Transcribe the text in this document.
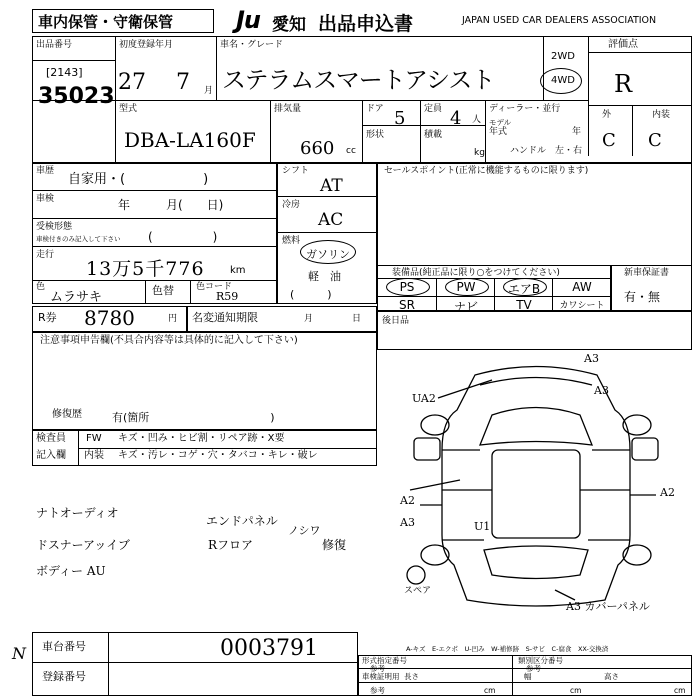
車内保管・守衛保管	Ju 愛知 出品申込書	JAPAN USED CAR DEALERS ASSOCIATION
出品番号
[2143]
35023
初度登録年月
27 7 月
車名・グレード
ステラムスマートアシスト
2WD
4WD
評価点
R
外	内装
C C
型式
DBA-LA160F
排気量
660 cc
ドア 5 定員 4 人
形状	積載
kg
ディーラー・並行
モデル
年式	年
ハンドル　左・右
車歴
自家用・(　　　　　　)
車検	年　　　月(　　日)
受検形態
車検付きのみ記入して下さい (　　　　　)
走行
13万5千776	km
色
ムラサキ	色替 色コード
R59
シフト
AT
冷房
AC
燃料
ガソリン
軽　油
(　　　)
セールスポイント(正常に機能するものに限ります)
装備品(純正品に限り○をつけてください)
PS	PW	エアB	AW
SR	ナビ	TV	カワシート
新車保証書
有・無
R券 8780	円 名変通知期限	月	日
注意事項申告欄(不具合内容等は具体的に記入して下さい)
修復歴	有(箇所　　　　　　　　　　　)
後日品
検査員
記入欄
FW キズ・凹み・ヒビ割・リペア跡・X要
内装 キズ・汚レ・コゲ・穴・タバコ・キレ・破レ
ナトオーディオ
ドスナーアッイブ
ボディー AU
エンドパネル
Rフロア
ノシワ
修復
A3
UA2
A2
A2
A3	U1
A3
A3 カバーパネル
スペア
A-キズ　E-エクボ　U-凹み　W-補修跡　S-サビ　C-腐食　XX-交換済
車台番号	0003791
登録番号
N	形式指定番号
参考
類別区分番号
参考
車検証明用
参考
長さ	幅	高さ
cm	cm	cm
